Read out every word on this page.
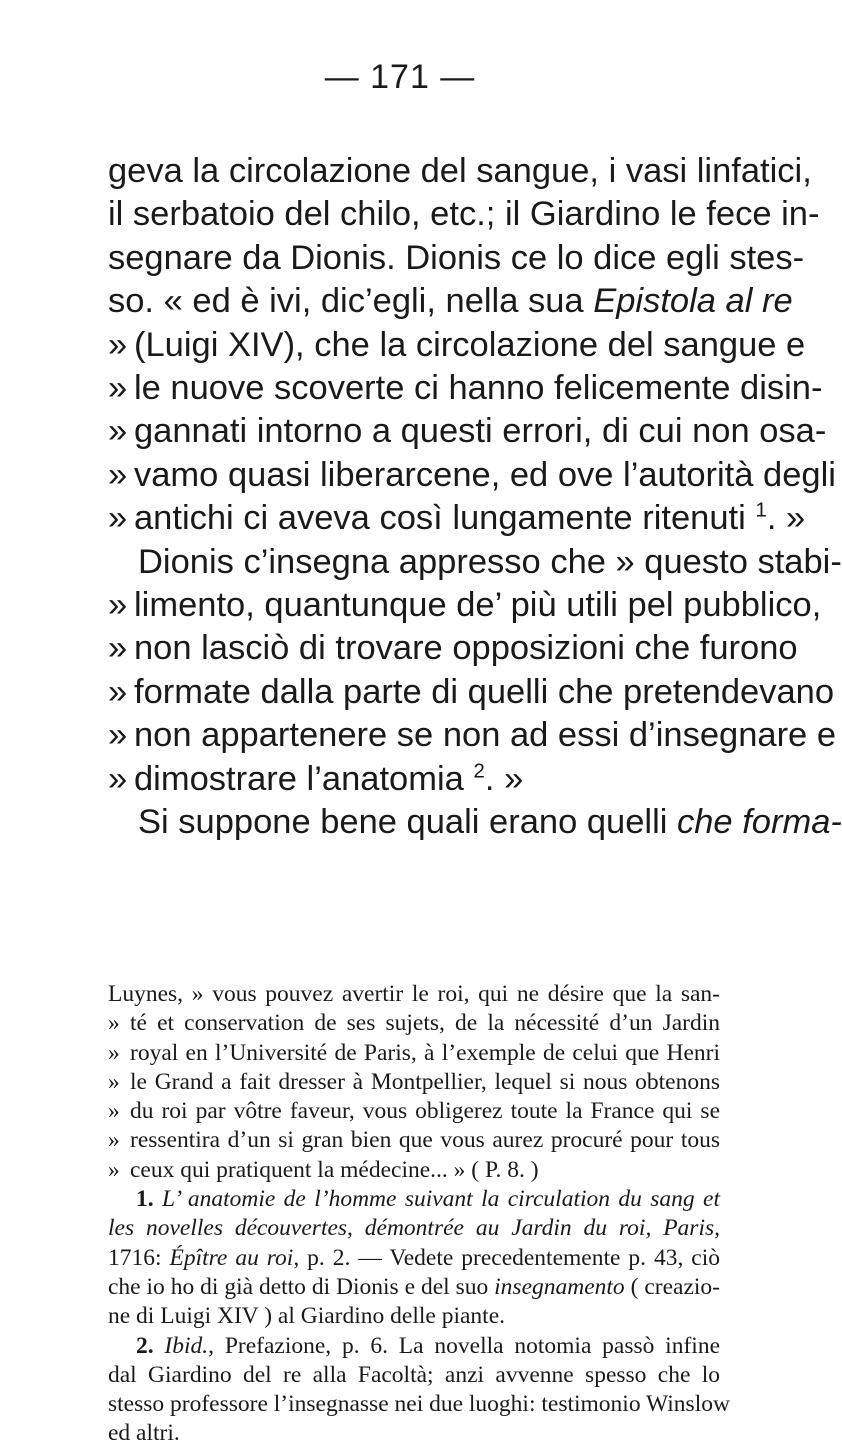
— 171 —
geva la circolazione del sangue, i vasi linfatici,
il serbatoio del chilo, etc.; il Giardino le fece in-
segnare da Dionis. Dionis ce lo dice egli stes-
so. « ed è ivi, dic’egli, nella sua Epistola al re
» (Luigi XIV), che la circolazione del sangue e
» le nuove scoverte ci hanno felicemente disin-
» gannati intorno a questi errori, di cui non osa-
» vamo quasi liberarcene, ed ove l’autorità degli
» antichi ci aveva così lungamente ritenuti $^1$. »
Dionis c’insegna appresso che » questo stabi-
» limento, quantunque de’ più utili pel pubblico,
» non lasciò di trovare opposizioni che furono
» formate dalla parte di quelli che pretendevano
» non appartenere se non ad essi d’insegnare e
» dimostrare l’anatomia $^2$. »
Si suppone bene quali erano quelli che forma-
Luynes, » vous pouvez avertir le roi, qui ne désire que la san-
» té et conservation de ses sujets, de la nécessité d’un Jardin
» royal en l’Université de Paris, à l’exemple de celui que Henri
» le Grand a fait dresser à Montpellier, lequel si nous obtenons
» du roi par vôtre faveur, vous obligerez toute la France qui se
» ressentira d’un si gran bien que vous aurez procuré pour tous
» ceux qui pratiquent la médecine... » ( P. 8. )
1. L’ anatomie de l’homme suivant la circulation du sang et
les novelles découvertes, démontrée au Jardin du roi, Paris,
1716: Épître au roi, p. 2. — Vedete precedentemente p. 43, ciò
che io ho di già detto di Dionis e del suo insegnamento ( creazio-
ne di Luigi XIV ) al Giardino delle piante.
2. Ibid., Prefazione, p. 6. La novella notomia passò infine
dal Giardino del re alla Facoltà; anzi avvenne spesso che lo
stesso professore l’insegnasse nei due luoghi: testimonio Winslow
ed altri.
